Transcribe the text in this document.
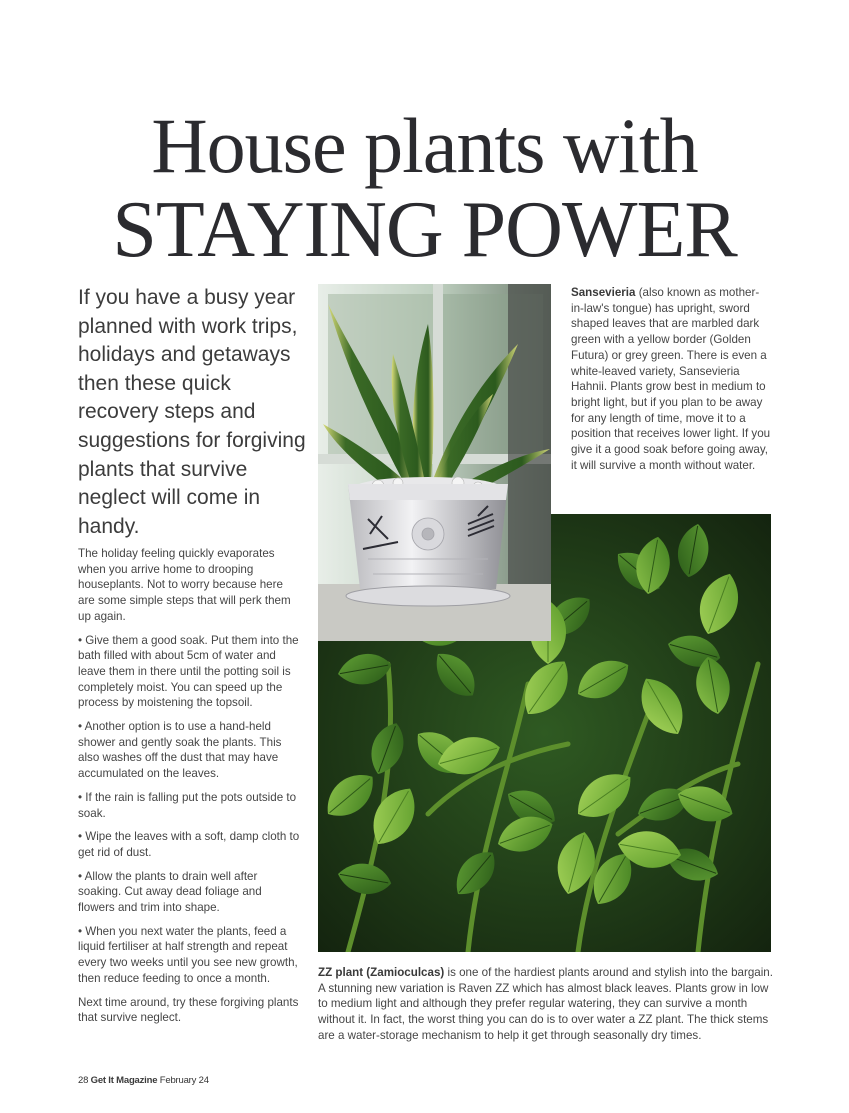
House plants with
STAYING POWER
If you have a busy year planned with work trips, holidays and getaways then these quick recovery steps and suggestions for forgiving plants that survive neglect will come in handy.

The holiday feeling quickly evaporates when you arrive home to drooping houseplants. Not to worry because here are some simple steps that will perk them up again.

• Give them a good soak. Put them into the bath filled with about 5cm of water and leave them in there until the potting soil is completely moist. You can speed up the process by moistening the topsoil.

• Another option is to use a hand-held shower and gently soak the plants. This also washes off the dust that may have accumulated on the leaves.

• If the rain is falling put the pots outside to soak.

• Wipe the leaves with a soft, damp cloth to get rid of dust.

• Allow the plants to drain well after soaking. Cut away dead foliage and flowers and trim into shape.

• When you next water the plants, feed a liquid fertiliser at half strength and repeat every two weeks until you see new growth, then reduce feeding to once a month.

Next time around, try these forgiving plants that survive neglect.

Sansevieria (also known as mother-in-law's tongue) has upright, sword shaped leaves that are marbled dark green with a yellow border (Golden Futura) or grey green. There is even a white-leaved variety, Sansevieria Hahnii. Plants grow best in medium to bright light, but if you plan to be away for any length of time, move it to a position that receives lower light. If you give it a good soak before going away, it will survive a month without water.
ZZ plant (Zamioculcas) is one of the hardiest plants around and stylish into the bargain. A stunning new variation is Raven ZZ which has almost black leaves. Plants grow in low to medium light and although they prefer regular watering, they can survive a month without it. In fact, the worst thing you can do is to over water a ZZ plant. The thick stems are a water-storage mechanism to help it get through seasonally dry times.
28 Get It Magazine February 24
